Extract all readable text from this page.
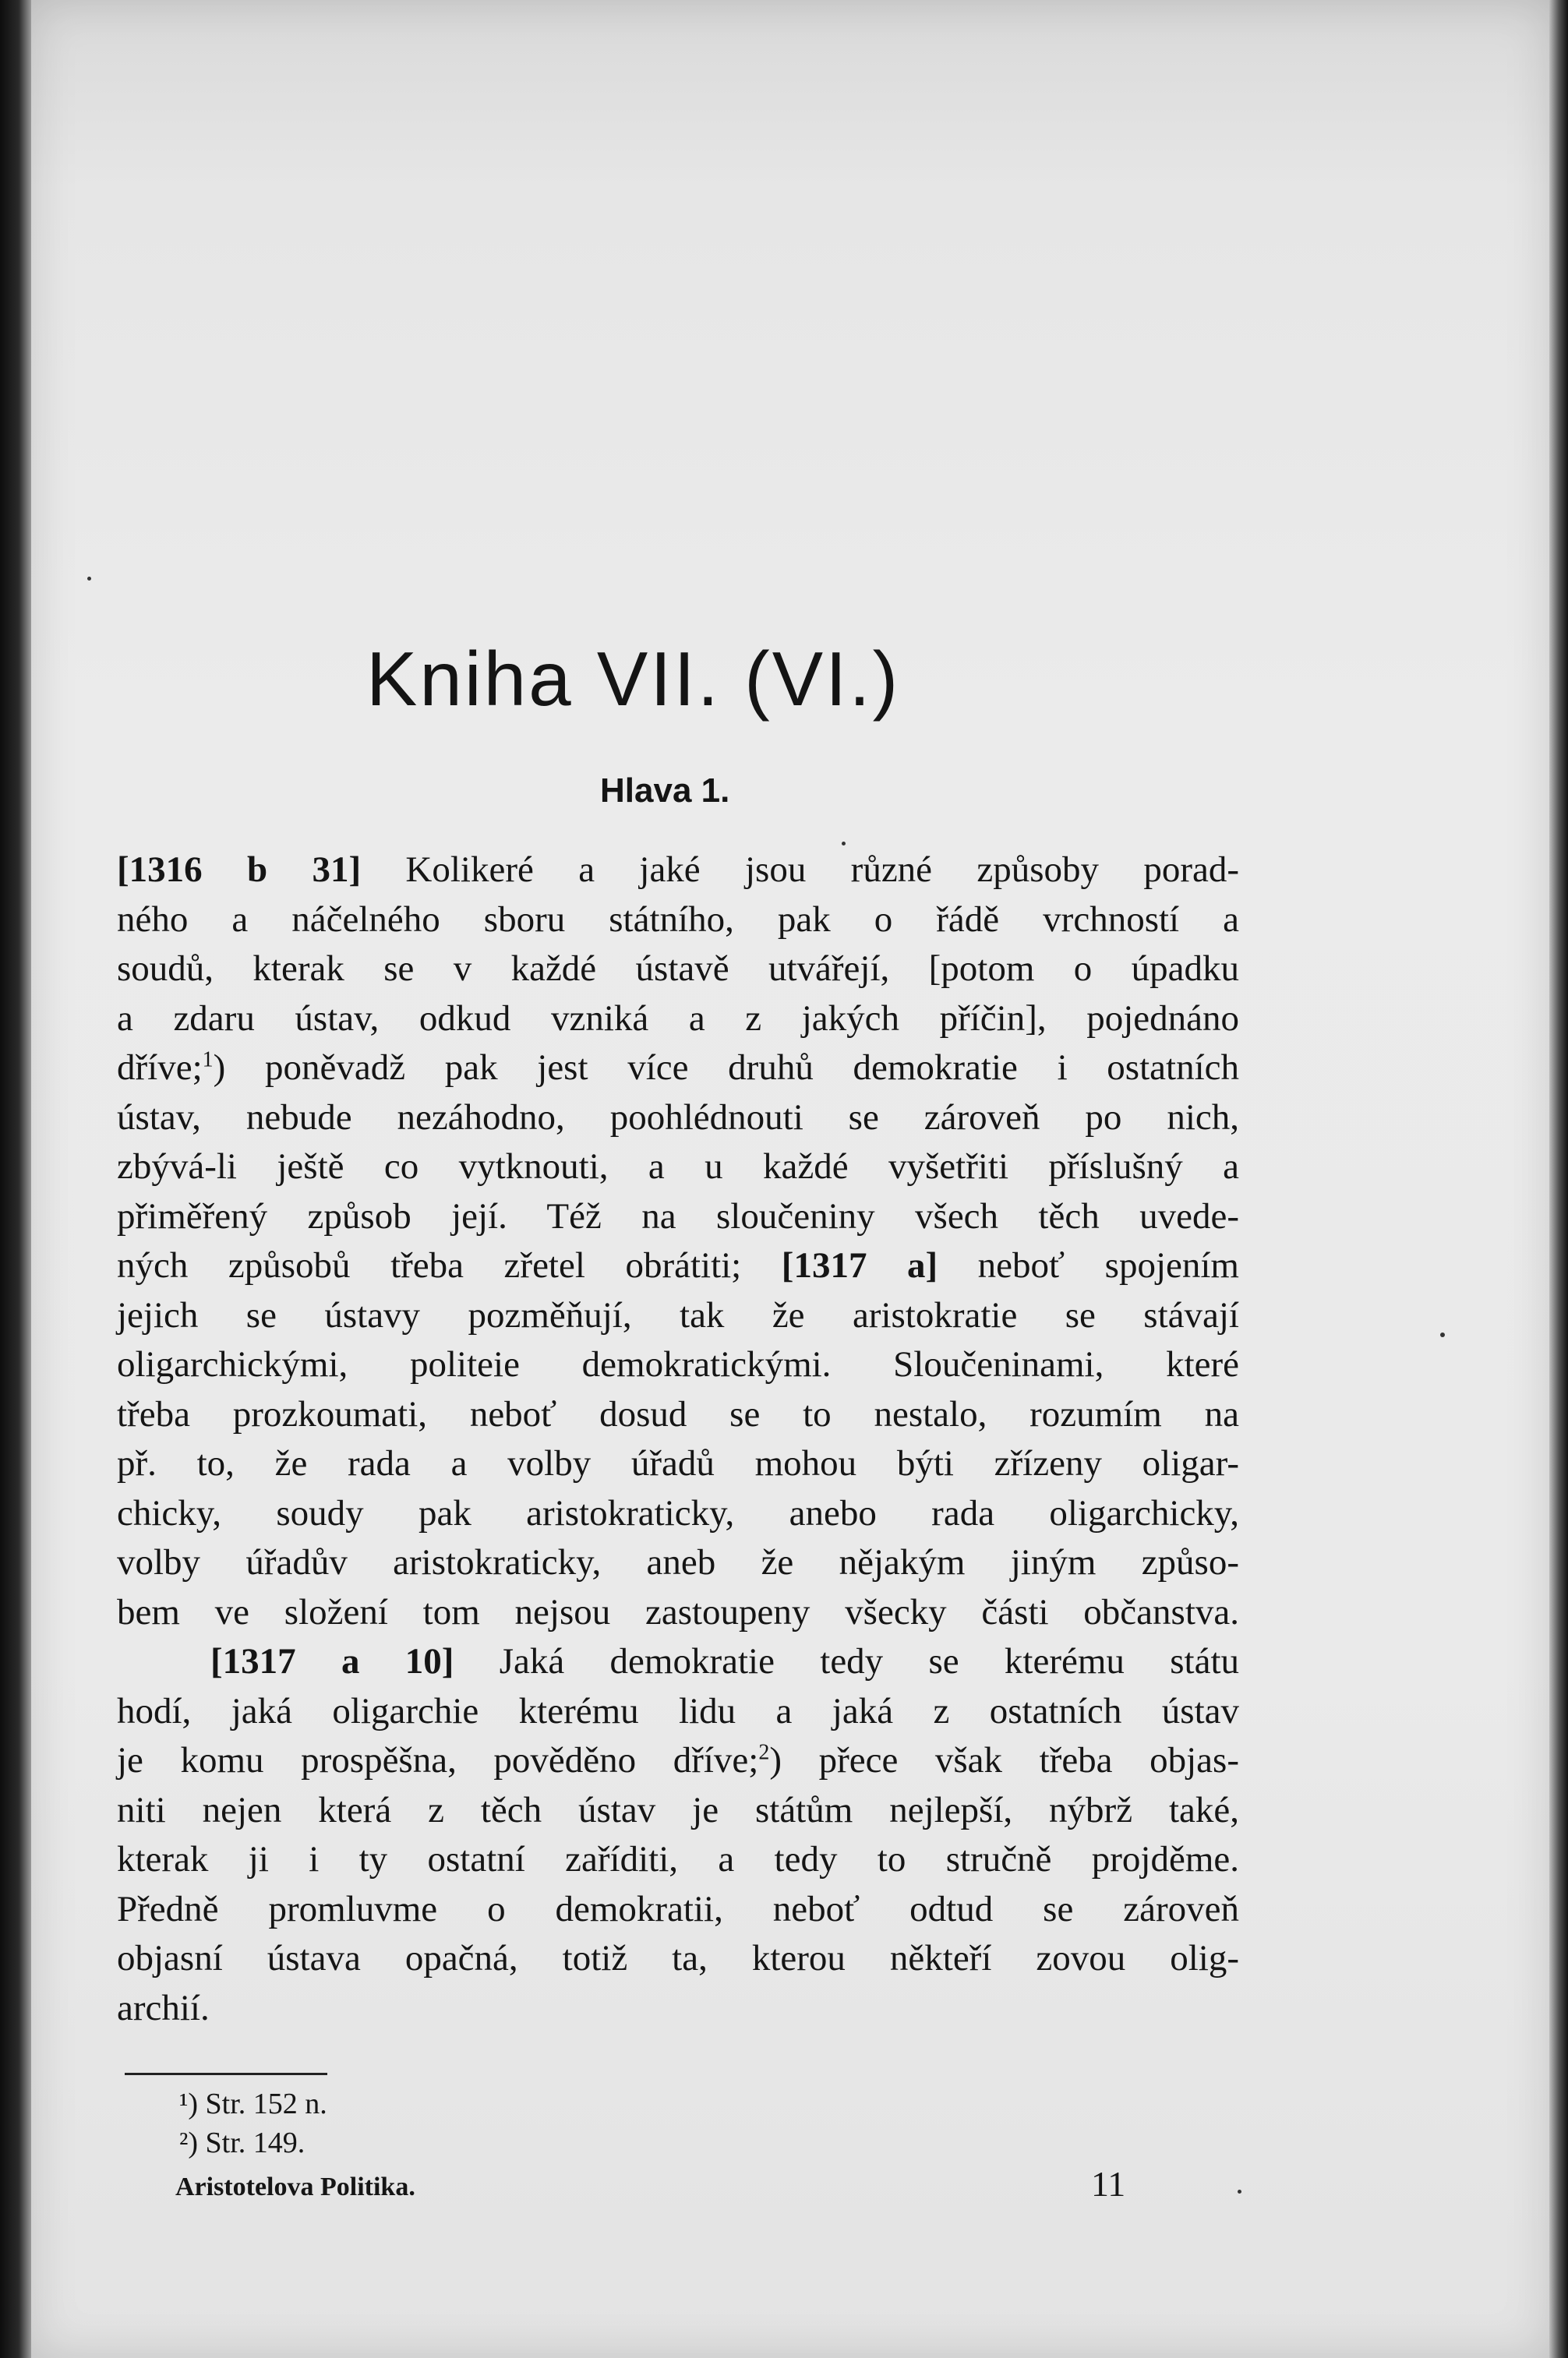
Kniha VII. (VI.)
Hlava 1.
[1316 b 31] Kolikeré a jaké jsou různé způsoby porad-
ného a náčelného sboru státního, pak o řádě vrchností a
soudů, kterak se v každé ústavě utvářejí, [potom o úpadku
a zdaru ústav, odkud vzniká a z jakých příčin], pojednáno
dříve;$^1$) poněvadž pak jest více druhů demokratie i ostatních
ústav, nebude nezáhodno, poohlédnouti se zároveň po nich,
zbývá-li ještě co vytknouti, a u každé vyšetřiti příslušný a
přiměřený způsob její. Též na sloučeniny všech těch uvede-
ných způsobů třeba zřetel obrátiti; [1317 a] neboť spojením
jejich se ústavy pozměňují, tak že aristokratie se stávají
oligarchickými, politeie demokratickými. Sloučeninami, které
třeba prozkoumati, neboť dosud se to nestalo, rozumím na
př. to, že rada a volby úřadů mohou býti zřízeny oligar-
chicky, soudy pak aristokraticky, anebo rada oligarchicky,
volby úřadův aristokraticky, aneb že nějakým jiným způso-
bem ve složení tom nejsou zastoupeny všecky části občanstva.
[1317 a 10] Jaká demokratie tedy se kterému státu
hodí, jaká oligarchie kterému lidu a jaká z ostatních ústav
je komu prospěšna, pověděno dříve;$^2$) přece však třeba objas-
niti nejen která z těch ústav je státům nejlepší, nýbrž také,
kterak ji i ty ostatní zaříditi, a tedy to stručně projděme.
Předně promluvme o demokratii, neboť odtud se zároveň
objasní ústava opačná, totiž ta, kterou někteří zovou olig-
archií.
¹) Str. 152 n.
²) Str. 149.
Aristotelova Politika.	11
